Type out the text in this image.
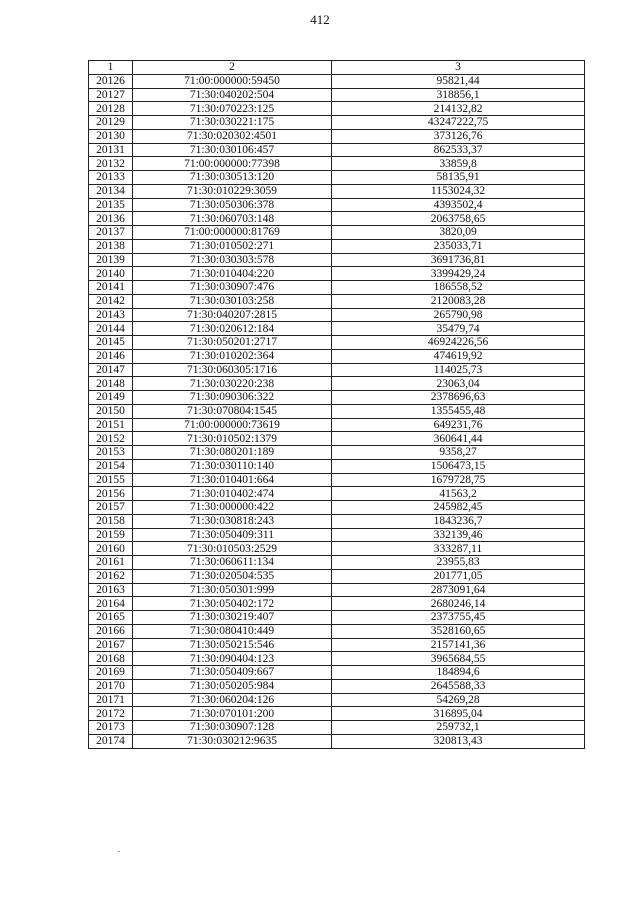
412
1	2	3
20126	71:00:000000:59450	95821,44
20127	71:30:040202:504	318856,1
20128	71:30:070223:125	214132,82
20129	71:30:030221:175	43247222,75
20130	71:30:020302:4501	373126,76
20131	71:30:030106:457	862533,37
20132	71:00:000000:77398	33859,8
20133	71:30:030513:120	58135,91
20134	71:30:010229:3059	1153024,32
20135	71:30:050306:378	4393502,4
20136	71:30:060703:148	2063758,65
20137	71:00:000000:81769	3820,09
20138	71:30:010502:271	235033,71
20139	71:30:030303:578	3691736,81
20140	71:30:010404:220	3399429,24
20141	71:30:030907:476	186558,52
20142	71:30:030103:258	2120083,28
20143	71:30:040207:2815	265790,98
20144	71:30:020612:184	35479,74
20145	71:30:050201:2717	46924226,56
20146	71:30:010202:364	474619,92
20147	71:30:060305:1716	114025,73
20148	71:30:030220:238	23063,04
20149	71:30:090306:322	2378696,63
20150	71:30:070804:1545	1355455,48
20151	71:00:000000:73619	649231,76
20152	71:30:010502:1379	360641,44
20153	71:30:080201:189	9358,27
20154	71:30:030110:140	1506473,15
20155	71:30:010401:664	1679728,75
20156	71:30:010402:474	41563,2
20157	71:30:000000:422	245982,45
20158	71:30:030818:243	1843236,7
20159	71:30:050409:311	332139,46
20160	71:30:010503:2529	333287,11
20161	71:30:060611:134	23955,83
20162	71:30:020504:535	201771,05
20163	71:30:050301:999	2873091,64
20164	71:30:050402:172	2680246,14
20165	71:30:030219:407	2373755,45
20166	71:30:080410:449	3528160,65
20167	71:30:050215:546	2157141,36
20168	71:30:090404:123	3965684,55
20169	71:30:050409:667	184894,6
20170	71:30:050205:984	2645588,33
20171	71:30:060204:126	54269,28
20172	71:30:070101:200	316895,04
20173	71:30:030907:128	259732,1
20174	71:30:030212:9635	320813,43
